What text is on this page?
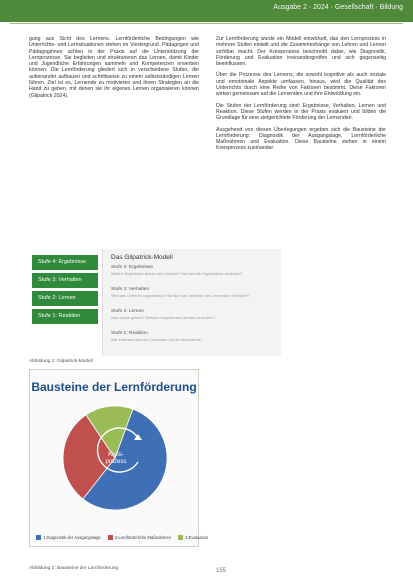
Ausgabe 2 · 2024 · Gesellschaft · Bildung

gung aus Sicht des Lernens. Lernförderliche Bedingungen wie Unterrichts- und Lernsituationen stehen im Vordergrund. Pädagogen und Pädagoginnen achten in der Praxis auf die Unterstützung der Lernprozesse. Sie begleiten und strukturieren das Lernen, damit Kinder und Jugendliche Erfahrungen sammeln und Kompetenzen erwerben können. Die Lernförderung gliedert sich in verschiedene Stufen, die aufeinander aufbauen und schrittweise zu einem selbstständigen Lernen führen. Ziel ist es, Lernende zu motivieren und ihnen Strategien an die Hand zu geben, mit denen sie ihr eigenes Lernen organisieren können (Gilpatrick 2024).

Zur Lernförderung wurde ein Modell entwickelt, das den Lernprozess in mehrere Stufen einteilt und die Zusammenhänge von Lehren und Lernen sichtbar macht. Der Kreisprozess beschreibt dabei, wie Diagnostik, Förderung und Evaluation ineinandergreifen und sich gegenseitig beeinflussen.

Über die Prozesse des Lernens, die sowohl kognitive als auch soziale und emotionale Aspekte umfassen, hinaus, wird die Qualität des Unterrichts durch eine Reihe von Faktoren bestimmt. Diese Faktoren wirken gemeinsam auf die Lernenden und ihre Entwicklung ein.

Die Stufen der Lernförderung sind: Ergebnisse, Verhalten, Lernen und Reaktion. Diese Stufen werden in der Praxis evaluiert und bilden die Grundlage für eine zielgerichtete Förderung der Lernenden.

Ausgehend von diesen Überlegungen ergeben sich die Bausteine der Lernförderung: Diagnostik der Ausgangslage, Lernförderliche Maßnahmen und Evaluation. Diese Bausteine stehen in einem Kreisprozess zueinander.

Stufe 4: Ergebnisse
Stufe 3: Verhalten
Stufe 2: Lernen
Stufe 1: Reaktion
Das Gilpatrick-Modell
Stufe 4: Ergebnisse
Welche Ergebnisse lassen sich erzielen? Hat sich die Organisation verändert?
Stufe 3: Verhalten
Wird das Gelernte angewendet? Hat sich das Verhalten der Lernenden verändert?
Stufe 2: Lernen
Was wurde gelernt? Welche Kompetenzen wurden erworben?
Stufe 1: Reaktion
Wie zufrieden sind die Lernenden mit der Maßnahme?
Abbildung 1: Gilpatrick-Modell
Bausteine der Lernförderung
Kreis-
prozess
1.Diagnostik der Ausgangslage	2.Lernförderliche Maßnahmen	3.Evaluation
Abbildung 2: Bausteine der Lernförderung	155
